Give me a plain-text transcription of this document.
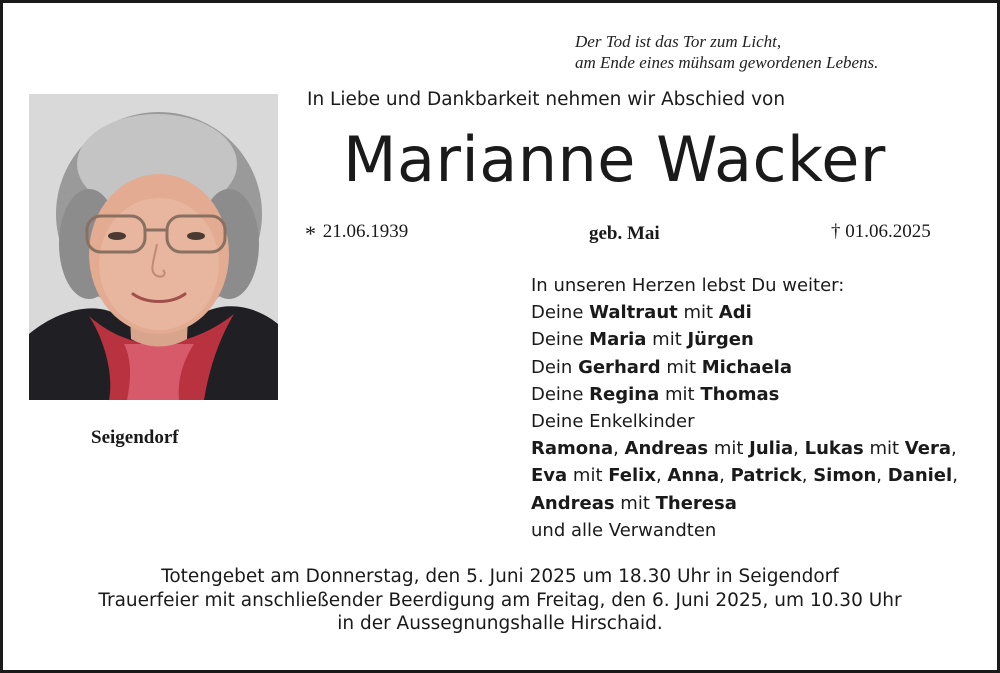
Der Tod ist das Tor zum Licht,
am Ende eines mühsam gewordenen Lebens.
Seigendorf
In Liebe und Dankbarkeit nehmen wir Abschied von
Marianne Wacker
* 21.06.1939	geb. Mai	† 01.06.2025
In unseren Herzen lebst Du weiter:
Deine Waltraut mit Adi
Deine Maria mit Jürgen
Dein Gerhard mit Michaela
Deine Regina mit Thomas
Deine Enkelkinder
Ramona, Andreas mit Julia, Lukas mit Vera,
Eva mit Felix, Anna, Patrick, Simon, Daniel,
Andreas mit Theresa
und alle Verwandten
Totengebet am Donnerstag, den 5. Juni 2025 um 18.30 Uhr in Seigendorf
Trauerfeier mit anschließender Beerdigung am Freitag, den 6. Juni 2025, um 10.30 Uhr
in der Aussegnungshalle Hirschaid.
